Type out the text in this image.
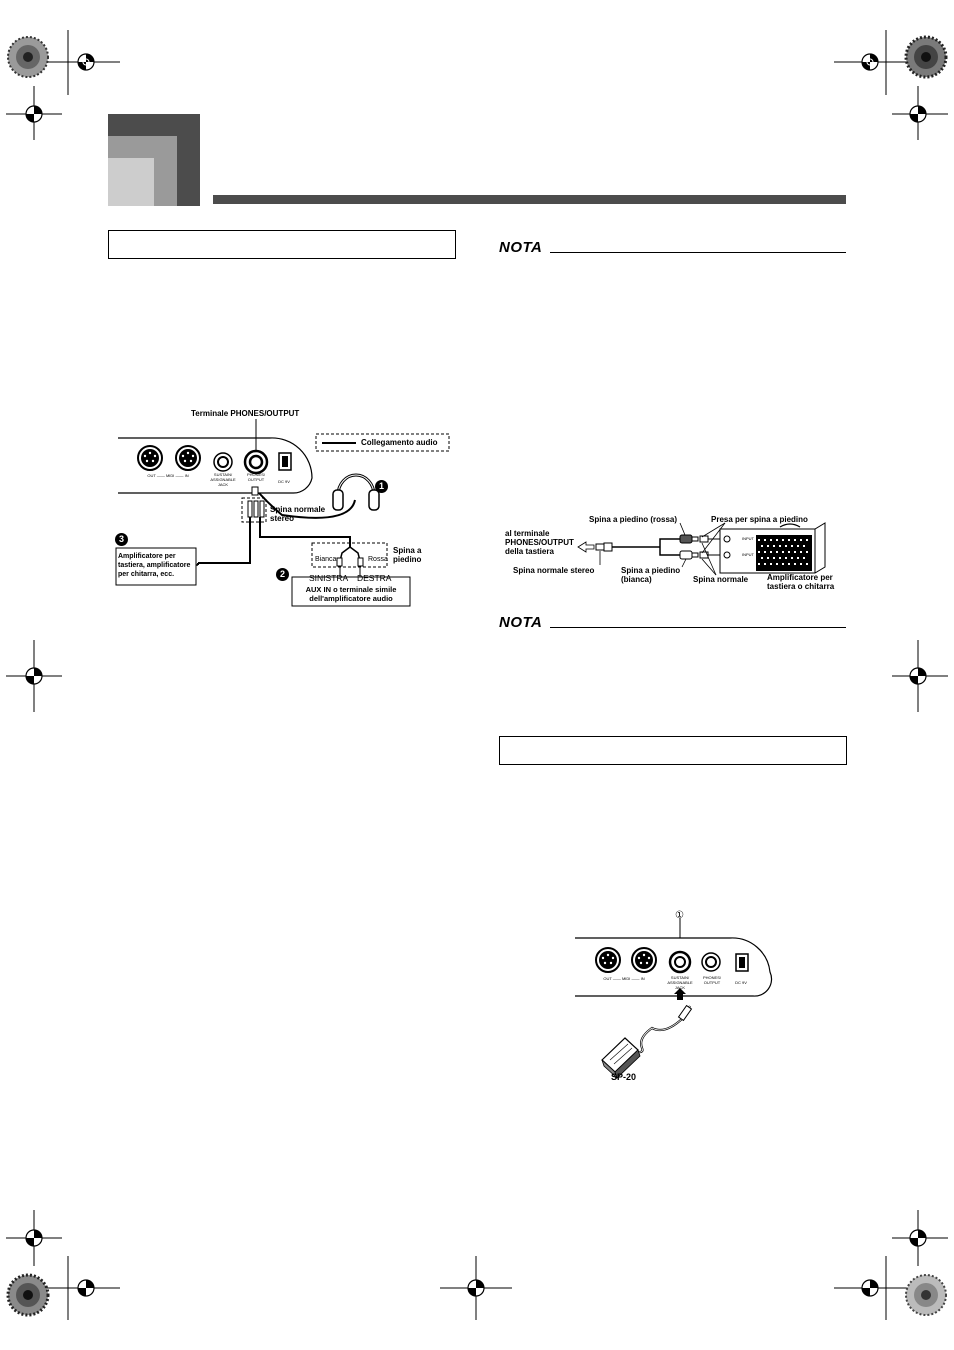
NOTA
NOTA
Terminale PHONES/OUTPUT
Collegamento audio
OUT —— MIDI —— IN	SUSTAIN/ ASSIGNABLE JACK
PHONES/ OUTPUT	DC 9V
Spina normale stereo
Spina a piedino
Bianca	Rossa
SINISTRA DESTRA
AUX IN o terminale simile dell'amplificatore audio
Amplificatore per tastiera, amplificatore per chitarra, ecc.
1
2
3
Spina a piedino (rossa)	Presa per spina a piedino
al terminale PHONES/OUTPUT della tastiera
Spina normale stereo	Spina a piedino (bianca)	Spina normale Amplificatore per tastiera o chitarra
INPUT
INPUT
①
OUT —— MIDI —— IN	SUSTAIN/ ASSIGNABLE JACK
PHONES/ OUTPUT	DC 9V
SP-20
